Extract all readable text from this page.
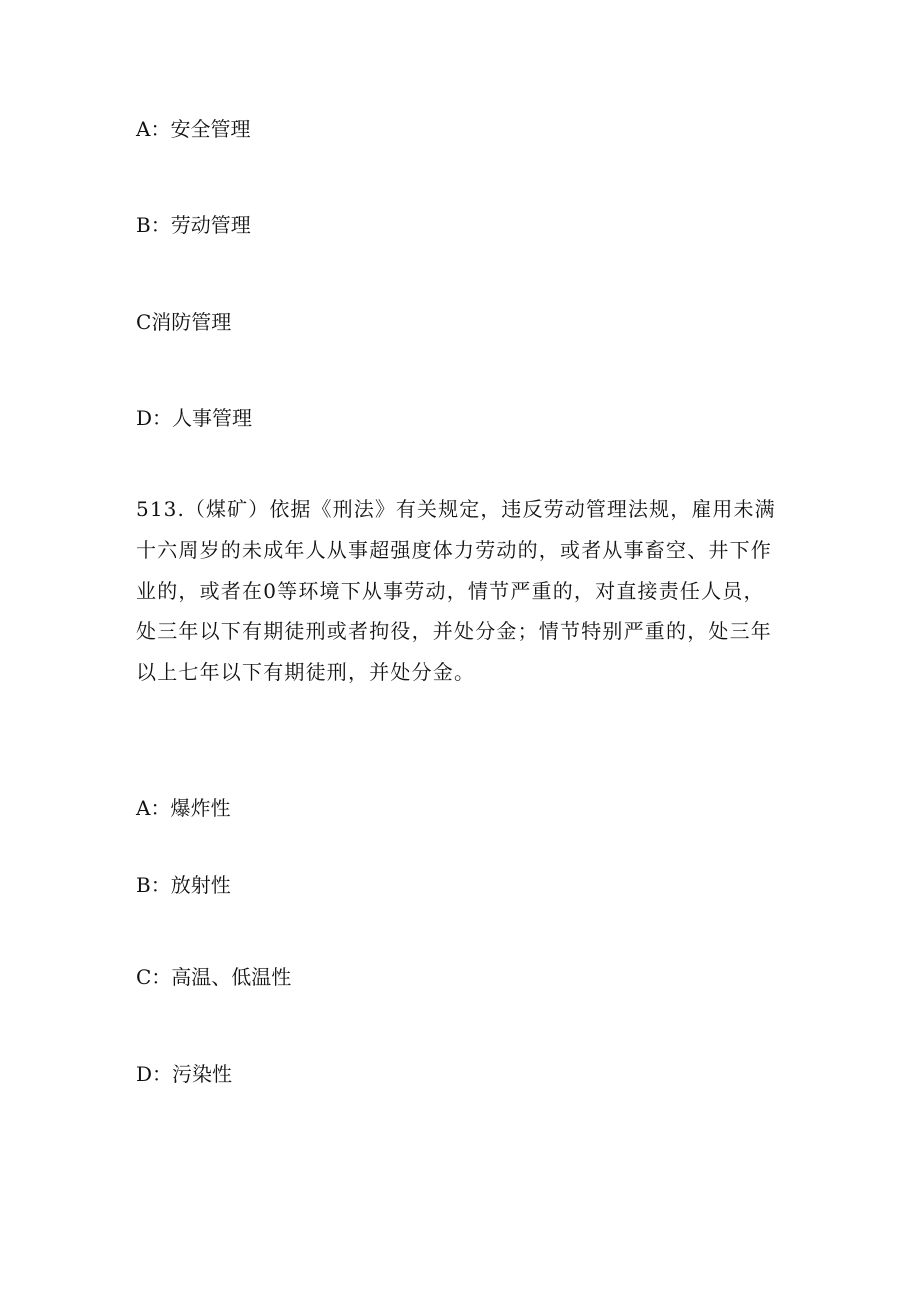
A：安全管理

B：劳动管理

C消防管理

D：人事管理

513.（煤矿）依据《刑法》有关规定，违反劳动管理法规，雇用未满
十六周岁的未成年人从事超强度体力劳动的，或者从事畜空、井下作
业的，或者在0等环境下从事劳动，情节严重的，对直接责任人员，
处三年以下有期徒刑或者拘役，并处分金；情节特别严重的，处三年
以上七年以下有期徒刑，并处分金。

A：爆炸性

B：放射性

C：高温、低温性

D：污染性
